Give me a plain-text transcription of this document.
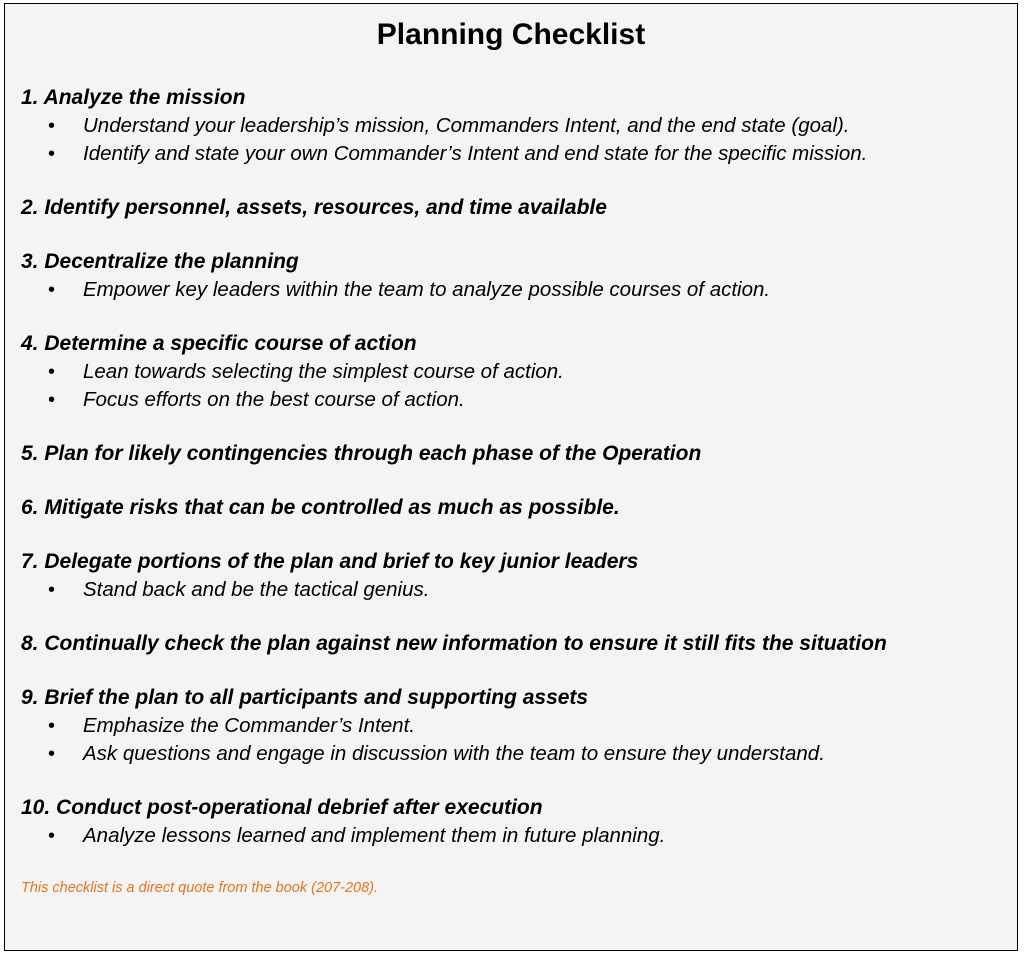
Planning Checklist

1. Analyze the mission

• Understand your leadership’s mission, Commanders Intent, and the end state (goal).
• Identify and state your own Commander’s Intent and end state for the specific mission.

2. Identify personnel, assets, resources, and time available

3. Decentralize the planning

• Empower key leaders within the team to analyze possible courses of action.

4. Determine a specific course of action

• Lean towards selecting the simplest course of action.
• Focus efforts on the best course of action.

5. Plan for likely contingencies through each phase of the Operation

6. Mitigate risks that can be controlled as much as possible.

7. Delegate portions of the plan and brief to key junior leaders

• Stand back and be the tactical genius.

8. Continually check the plan against new information to ensure it still fits the situation

9. Brief the plan to all participants and supporting assets

• Emphasize the Commander’s Intent.
• Ask questions and engage in discussion with the team to ensure they understand.

10. Conduct post-operational debrief after execution

• Analyze lessons learned and implement them in future planning.

This checklist is a direct quote from the book (207-208).
